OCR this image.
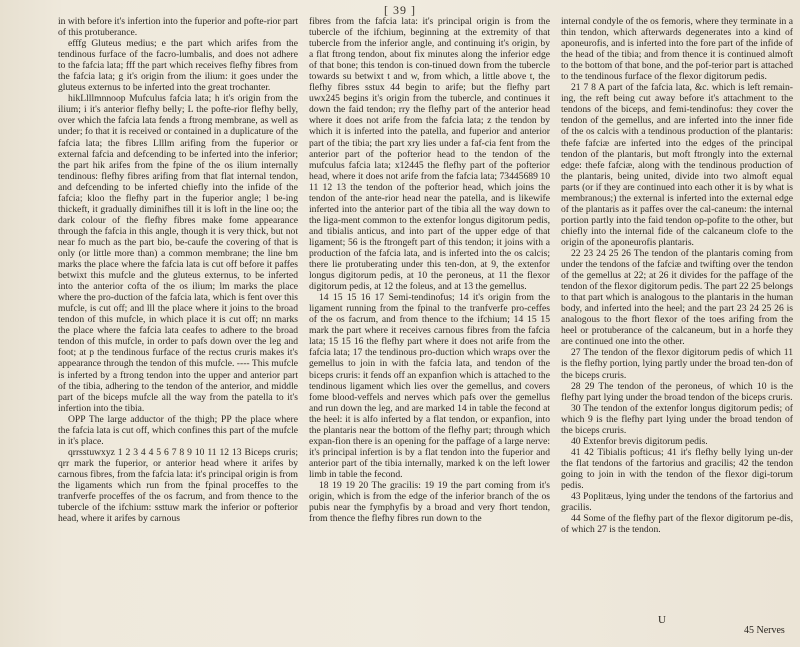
[ 39 ]

in with before it's infertion into the fuperior and pofte-rior part of this protuberance.

efffg Gluteus medius; e the part which arifes from the tendinous furface of the facro-lumbalis, and does not adhere to the fafcia lata; fff the part which receives flefhy fibres from the fafcia lata; g it's origin from the ilium: it goes under the gluteus externus to be inferted into the great trochanter.

hikLlllmnnoop Mufculus fafcia lata; h it's origin from the ilium; i it's anterior flefhy belly; L the pofte-rior flefhy belly, over which the fafcia lata fends a ftrong membrane, as well as under; fo that it is received or contained in a duplicature of the fafcia lata; the fibres Llllm arifing from the fuperior or external fafcia and defcending to be inferted into the inferior; the part hik arifes from the fpine of the os ilium internally tendinous: flefhy fibres arifing from that flat internal tendon, and defcending to be inferted chiefly into the infide of the fafcia; kloo the flefhy part in the fuperior angle; l be-ing thickeft, it gradually diminifhes till it is loft in the line oo; the dark colour of the flefhy fibres make fome appearance through the fafcia in this angle, though it is very thick, but not near fo much as the part bio, be-caufe the covering of that is only (or little more than) a common membrane; the line bm marks the place where the fafcia lata is cut off before it paffes betwixt this mufcle and the gluteus externus, to be inferted into the anterior cofta of the os ilium; lm marks the place where the pro-duction of the fafcia lata, which is fent over this mufcle, is cut off; and lll the place where it joins to the broad tendon of this mufcle, in which place it is cut off; nn marks the place where the fafcia lata ceafes to adhere to the broad tendon of this mufcle, in order to pafs down over the leg and foot; at p the tendinous furface of the rectus cruris makes it's appearance through the tendon of this mufcle. ---- This mufcle is inferted by a ftrong tendon into the upper and anterior part of the tibia, adhering to the tendon of the anterior, and middle part of the biceps mufcle all the way from the patella to it's infertion into the tibia.

OPP The large adductor of the thigh; PP the place where the fafcia lata is cut off, which confines this part of the mufcle in it's place.

qrrsstuwxyz 1 2 3 4 4 5 6 7 8 9 10 11 12 13 Biceps cruris; qrr mark the fuperior, or anterior head where it arifes by carnous fibres, from the fafcia lata: it's principal origin is from the ligaments which run from the fpinal proceffes to the tranfverfe proceffes of the os facrum, and from thence to the tubercle of the ifchium: ssttuw mark the inferior or pofterior head, where it arifes by carnous

fibres from the fafcia lata: it's principal origin is from the tubercle of the ifchium, beginning at the extremity of that tubercle from the inferior angle, and continuing it's origin, by a flat ftrong tendon, about fix minutes along the inferior edge of that bone; this tendon is con-tinued down from the tubercle towards su betwixt t and w, from which, a little above t, the flefhy fibres sstux 44 begin to arife; but the flefhy part uwx245 begins it's origin from the tubercle, and continues it down the faid tendon; rry the flefhy part of the anterior head where it does not arife from the fafcia lata; z the tendon by which it is inferted into the patella, and fuperior and anterior part of the tibia; the part xry lies under a faf-cia fent from the anterior part of the pofterior head to the tendon of the mufculus fafcia lata; x12445 the flefhy part of the pofterior head, where it does not arife from the fafcia lata; 73445689 10 11 12 13 the tendon of the pofterior head, which joins the tendon of the ante-rior head near the patella, and is likewife inferted into the anterior part of the tibia all the way down to the liga-ment common to the extenfor longus digitorum pedis, and tibialis anticus, and into part of the upper edge of that ligament; 56 is the ftrongeft part of this tendon; it joins with a production of the fafcia lata, and is inferted into the os calcis; there lie protuberating under this ten-don, at 9, the extenfor longus digitorum pedis, at 10 the peroneus, at 11 the flexor digitorum pedis, at 12 the foleus, and at 13 the gemellus.

14 15 15 16 17 Semi-tendinofus; 14 it's origin from the ligament running from the fpinal to the tranfverfe pro-ceffes of the os facrum, and from thence to the ifchium; 14 15 15 mark the part where it receives carnous fibres from the fafcia lata; 15 15 16 the flefhy part where it does not arife from the fafcia lata; 17 the tendinous pro-duction which wraps over the gemellus to join in with the fafcia lata, and tendon of the biceps cruris: it fends off an expanfion which is attached to the tendinous ligament which lies over the gemellus, and covers fome blood-veffels and nerves which pafs over the gemellus and run down the leg, and are marked 14 in table the fecond at the heel: it is alfo inferted by a flat tendon, or expanfion, into the plantaris near the bottom of the flefhy part; through which expan-fion there is an opening for the paffage of a large nerve: it's principal infertion is by a flat tendon into the fuperior and anterior part of the tibia internally, marked k on the left lower limb in table the fecond.

18 19 19 20 The gracilis: 19 19 the part coming from it's origin, which is from the edge of the inferior branch of the os pubis near the fymphyfis by a broad and very fhort tendon, from thence the flefhy fibres run down to the

internal condyle of the os femoris, where they terminate in a thin tendon, which afterwards degenerates into a kind of aponeurofis, and is inferted into the fore part of the infide of the head of the tibia; and from thence it is continued almoft to the bottom of that bone, and the pof-terior part is attached to the tendinous furface of the flexor digitorum pedis.

21 7 8 A part of the fafcia lata, &c. which is left remain-ing, the reft being cut away before it's attachment to the tendons of the biceps, and femi-tendinofus: they cover the tendon of the gemellus, and are inferted into the inner fide of the os calcis with a tendinous production of the plantaris: thefe fafciæ are inferted into the edges of the principal tendon of the plantaris, but moft ftrongly into the external edge: thefe fafciæ, along with the tendinous production of the plantaris, being united, divide into two almoft equal parts (or if they are continued into each other it is by what is membranous;) the external is inferted into the external edge of the plantaris as it paffes over the cal-caneum: the internal portion partly into the faid tendon op-pofite to the other, but chiefly into the internal fide of the calcaneum clofe to the origin of the aponeurofis plantaris.

22 23 24 25 26 The tendon of the plantaris coming from under the tendons of the fafciæ and twifting over the tendon of the gemellus at 22; at 26 it divides for the paffage of the tendon of the flexor digitorum pedis. The part 22 25 belongs to that part which is analogous to the plantaris in the human body, and inferted into the heel; and the part 23 24 25 26 is analogous to the fhort flexor of the toes arifing from the heel or protuberance of the calcaneum, but in a horfe they are continued one into the other.

27 The tendon of the flexor digitorum pedis of which 11 is the flefhy portion, lying partly under the broad ten-don of the biceps cruris.

28 29 The tendon of the peroneus, of which 10 is the flefhy part lying under the broad tendon of the biceps cruris.

30 The tendon of the extenfor longus digitorum pedis; of which 9 is the flefhy part lying under the broad tendon of the biceps cruris.

40 Extenfor brevis digitorum pedis.

41 42 Tibialis pofticus; 41 it's flefhy belly lying un-der the flat tendons of the fartorius and gracilis; 42 the tendon going to join in with the tendon of the flexor digi-torum pedis.

43 Poplitæus, lying under the tendons of the fartorius and gracilis.

44 Some of the flefhy part of the flexor digitorum pe-dis, of which 27 is the tendon.

U
45 Nerves
